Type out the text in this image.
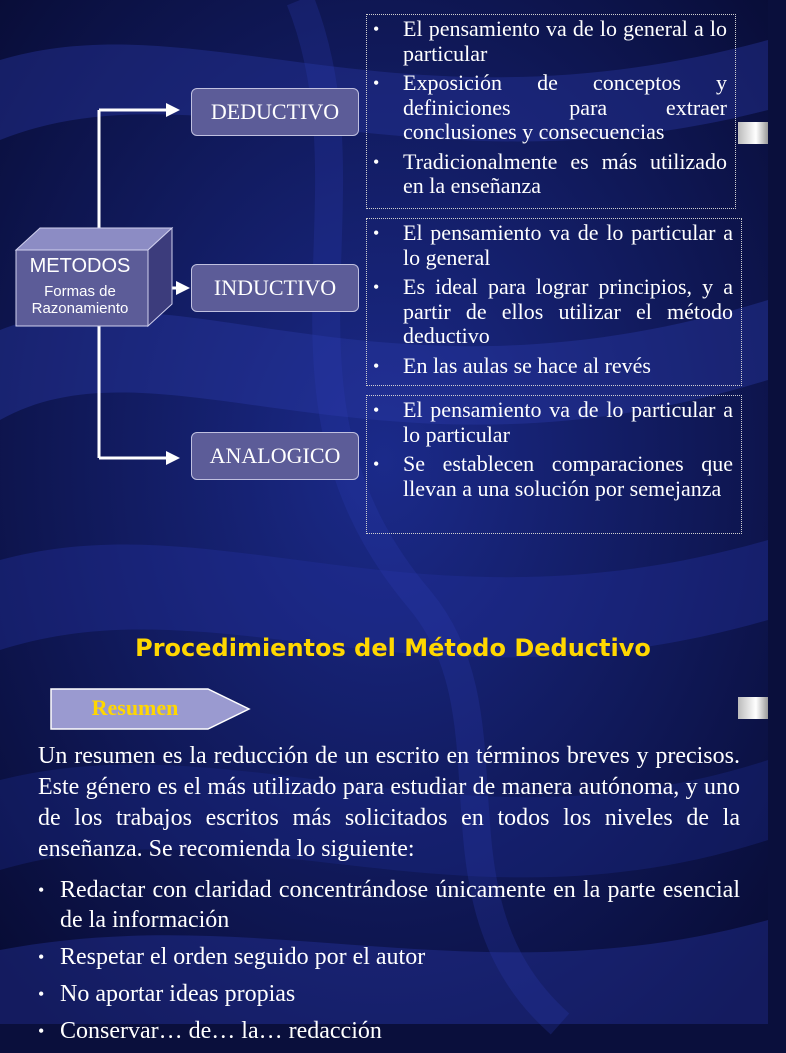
METODOS
Formas de
Razonamiento
DEDUCTIVO
INDUCTIVO
ANALOGICO
• El pensamiento va de lo general a lo particular
• Exposición de conceptos y definiciones para extraer conclusiones y consecuencias
• Tradicionalmente es más utilizado en la enseñanza
• El pensamiento va de lo particular a lo general
• Es ideal para lograr principios, y a partir de ellos utilizar el método deductivo
• En las aulas se hace al revés
• El pensamiento va de lo particular a lo particular
• Se establecen comparaciones que llevan a una solución por semejanza
Procedimientos del Método Deductivo
Resumen
Un resumen es la reducción de un escrito en términos breves y precisos. Este género es el más utilizado para estudiar de manera autónoma, y uno de los trabajos escritos más solicitados en todos los niveles de la enseñanza. Se recomienda lo siguiente:
• Redactar con claridad concentrándose únicamente en la parte esencial de la información
• Respetar el orden seguido por el autor
• No aportar ideas propias
• Conservar… de… la… redacción
